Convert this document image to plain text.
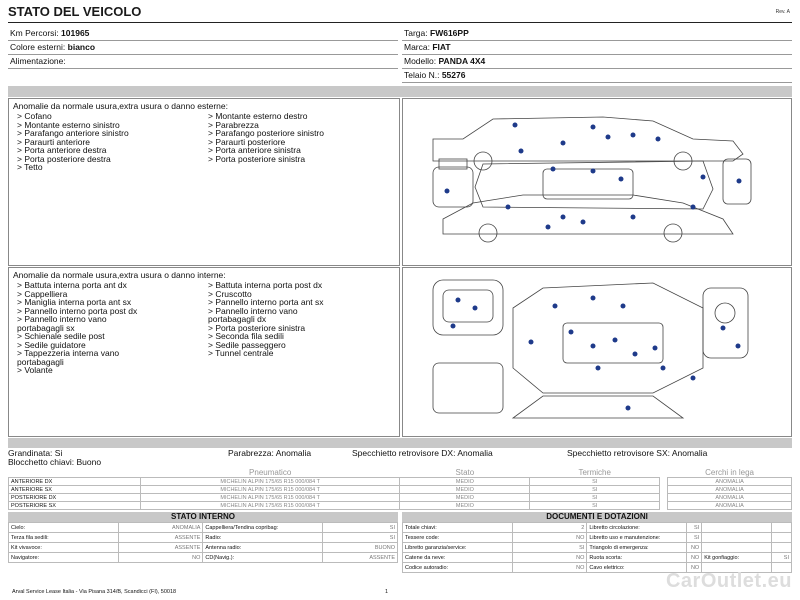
STATO DEL VEICOLO	Rev. A
Km Percorsi: 101965
Colore esterni: bianco
Alimentazione:
Targa: FW616PP
Marca: FIAT
Modello: PANDA 4X4
Telaio N.: 55276
Anomalie da normale usura,extra usura o danno esterne:
> Cofano
> Montante esterno sinistro
> Parafango anteriore sinistro
> Paraurti anteriore
> Porta anteriore destra
> Porta posteriore destra
> Tetto
> Montante esterno destro
> Parabrezza
> Parafango posteriore sinistro
> Paraurti posteriore
> Porta anteriore sinistra
> Porta posteriore sinistra
Anomalie da normale usura,extra usura o danno interne:
> Battuta interna porta ant dx
> Cappelliera
> Maniglia interna porta ant sx
> Pannello interno porta post dx
> Pannello interno vano
portabagagli sx
> Schienale sedile post
> Sedile guidatore
> Tappezzeria interna vano
portabagagli
> Volante
> Battuta interna porta post dx
> Cruscotto
> Pannello interno porta ant sx
> Pannello interno vano
portabagagli dx
> Porta posteriore sinistra
> Seconda fila sedili
> Sedile passeggero
> Tunnel centrale
Grandinata: Si	Parabrezza: Anomalia	Specchietto retrovisore DX: Anomalia	Specchietto retrovisore SX: Anomalia
Blocchetto chiavi: Buono
	Pneumatico	Stato	Termiche		Cerchi in lega
ANTERIORE DX	MICHELIN ALPIN 175/65 R15 000/084 T	MEDIO	SI		ANOMALIA
ANTERIORE SX	MICHELIN ALPIN 175/65 R15 000/084 T	MEDIO	SI		ANOMALIA
POSTERIORE DX	MICHELIN ALPIN 175/65 R15 000/084 T	MEDIO	SI		ANOMALIA
POSTERIORE SX	MICHELIN ALPIN 175/65 R15 000/084 T	MEDIO	SI		ANOMALIA
STATO INTERNO
Cielo:	ANOMALIA	Cappelliera/Tendina copribag:	SI
Terza fila sedili:	ASSENTE	Radio:	SI
Kit vivavoce:	ASSENTE	Antenna radio:	BUONO
Navigatore:	NO	CD(Navig.):	ASSENTE
DOCUMENTI E DOTAZIONI
Totale chiavi:	2	Libretto circolazione:	SI		
Tessere code:	NO	Libretto uso e manutenzione:	SI		
Libretto garanzia/service:	SI	Triangolo di emergenza:	NO		
Catene da neve:	NO	Ruota scorta:	NO	Kit gonfiaggio:	SI
Codice autoradio:	NO	Cavo elettrico:	NO		
Arval Service Lease Italia - Via Pisana 314/B, Scandicci (FI), 50018	1	CarOutlet.eu
